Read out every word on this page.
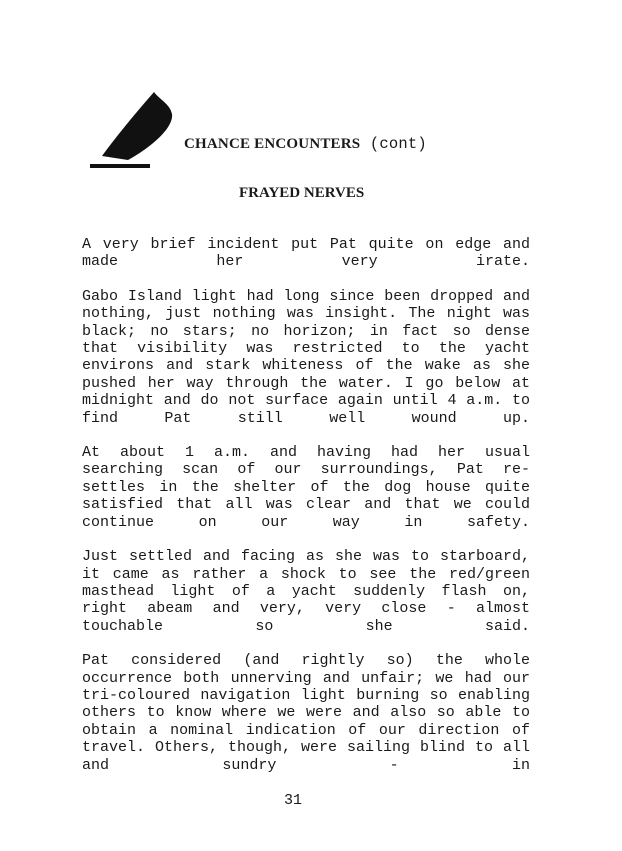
CHANCE ENCOUNTERS (cont)
FRAYED NERVES

A very brief incident put Pat quite on edge and made her very irate.

Gabo Island light had long since been dropped and nothing, just nothing was insight. The night was black; no stars; no horizon; in fact so dense that visibility was restricted to the yacht environs and stark whiteness of the wake as she pushed her way through the water. I go below at midnight and do not surface again until 4 a.m. to find Pat still well wound up.

At about 1 a.m. and having had her usual searching scan of our surroundings, Pat re-settles in the shelter of the dog house quite satisfied that all was clear and that we could continue on our way in safety.

Just settled and facing as she was to starboard, it came as rather a shock to see the red/green masthead light of a yacht suddenly flash on, right abeam and very, very close - almost touchable so she said.

Pat considered (and rightly so) the whole occurrence both unnerving and unfair; we had our tri-coloured navigation light burning so enabling others to know where we were and also so able to obtain a nominal indication of our direction of travel. Others, though, were sailing blind to all and sundry - in

31
